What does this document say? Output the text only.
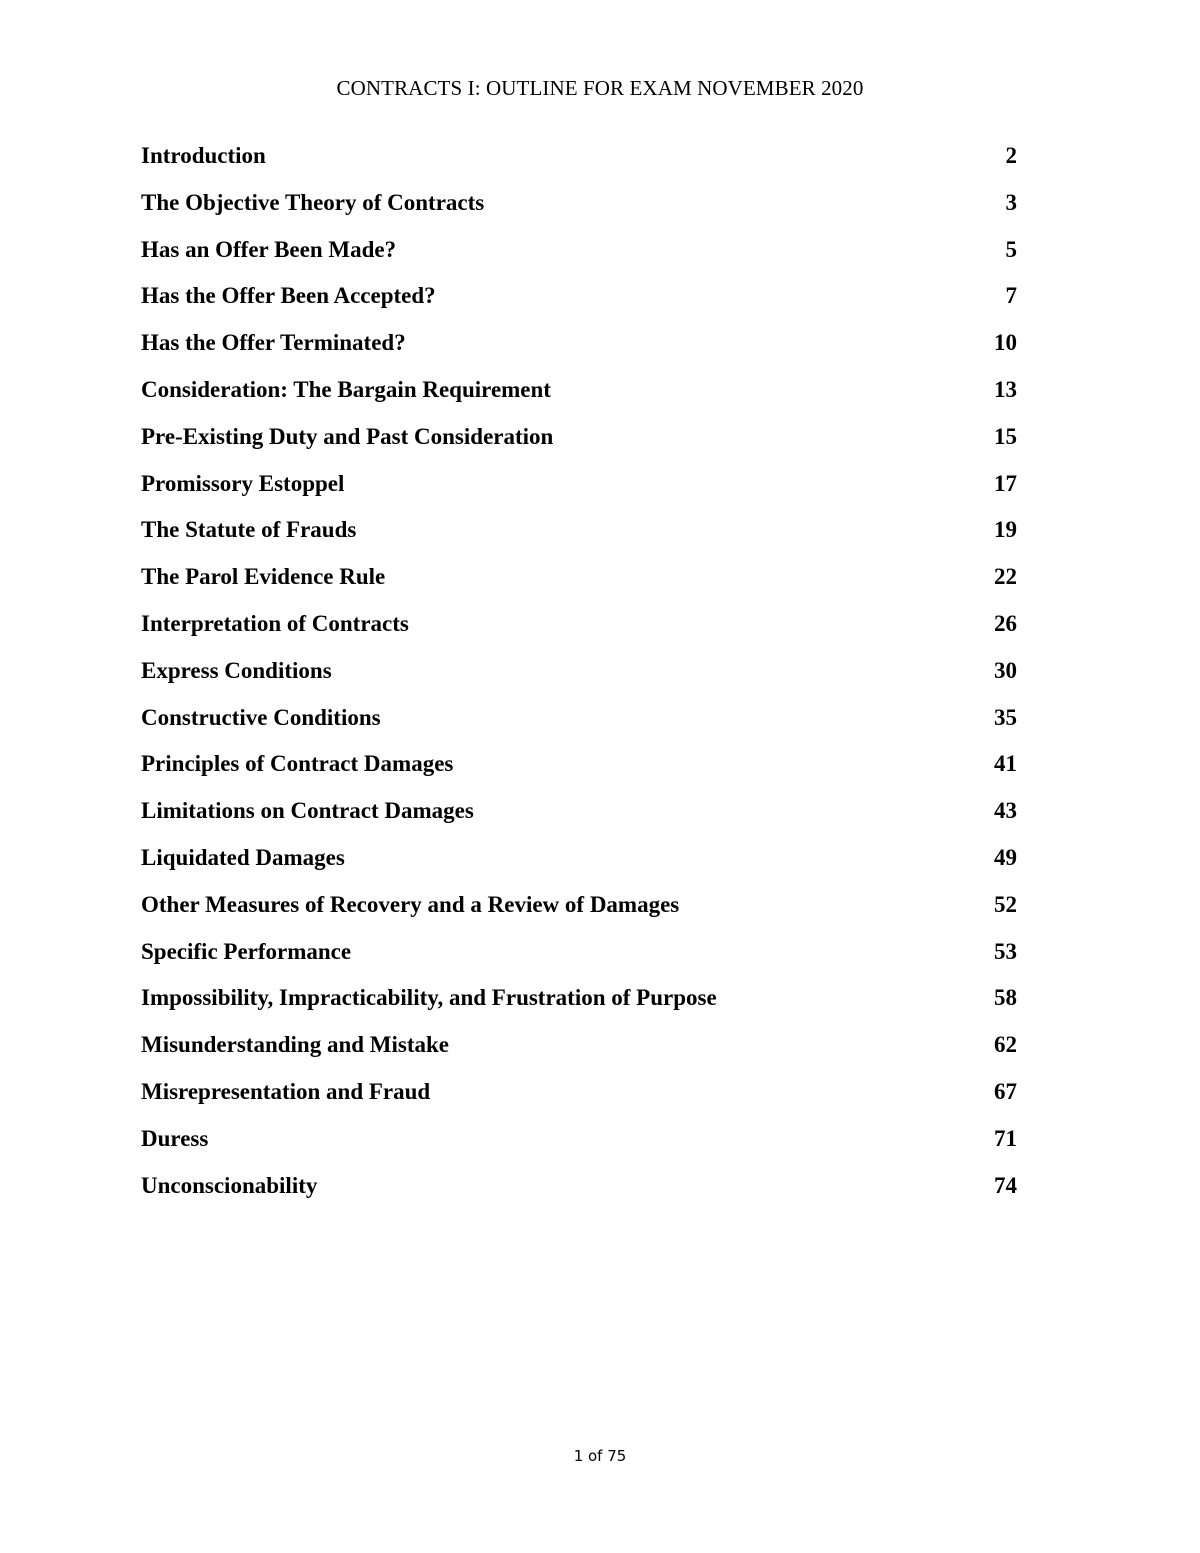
CONTRACTS I: OUTLINE FOR EXAM NOVEMBER 2020
Introduction	2
The Objective Theory of Contracts	3
Has an Offer Been Made?	5
Has the Offer Been Accepted?	7
Has the Offer Terminated?	10
Consideration: The Bargain Requirement	13
Pre-Existing Duty and Past Consideration	15
Promissory Estoppel	17
The Statute of Frauds	19
The Parol Evidence Rule	22
Interpretation of Contracts	26
Express Conditions	30
Constructive Conditions	35
Principles of Contract Damages	41
Limitations on Contract Damages	43
Liquidated Damages	49
Other Measures of Recovery and a Review of Damages	52
Specific Performance	53
Impossibility, Impracticability, and Frustration of Purpose	58
Misunderstanding and Mistake	62
Misrepresentation and Fraud	67
Duress	71
Unconscionability	74
1 of 75
